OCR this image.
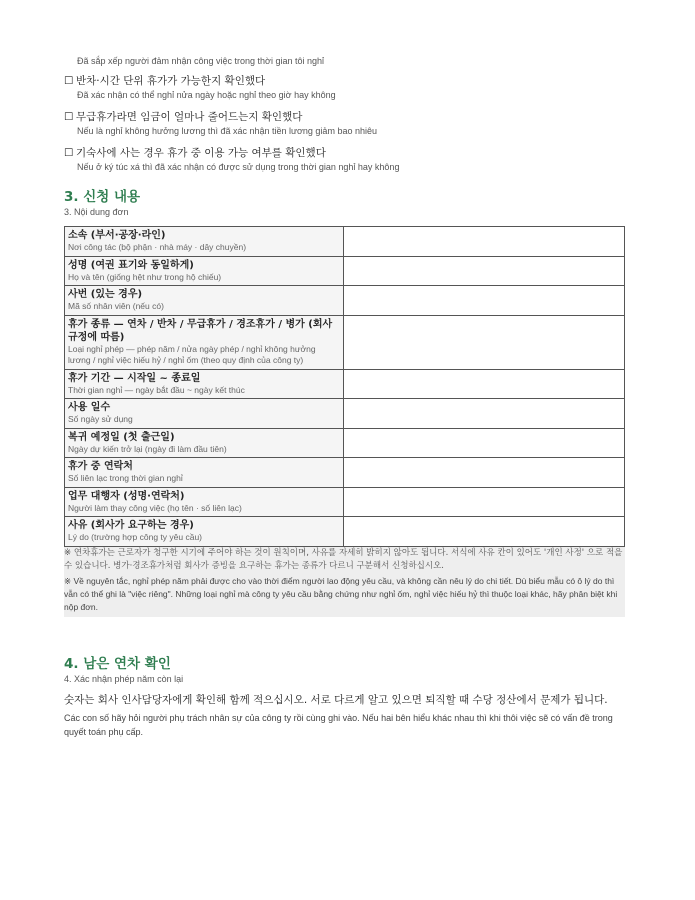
Đã sắp xếp người đảm nhận công việc trong thời gian tôi nghỉ
☐ 반차·시간 단위 휴가가 가능한지 확인했다
Đã xác nhận có thể nghỉ nửa ngày hoặc nghỉ theo giờ hay không
☐ 무급휴가라면 임금이 얼마나 줄어드는지 확인했다
Nếu là nghỉ không hưởng lương thì đã xác nhận tiền lương giảm bao nhiêu
☐ 기숙사에 사는 경우 휴가 중 이용 가능 여부를 확인했다
Nếu ở ký túc xá thì đã xác nhận có được sử dụng trong thời gian nghỉ hay không
3. 신청 내용
3. Nội dung đơn
소속 (부서·공장·라인)
Nơi công tác (bộ phận · nhà máy · dây chuyền)	

성명 (여권 표기와 동일하게)
Họ và tên (giống hệt như trong hộ chiếu)	

사번 (있는 경우)
Mã số nhân viên (nếu có)	

휴가 종류 — 연차 / 반차 / 무급휴가 / 경조휴가 / 병가 (회사 규정에 따름)
Loại nghỉ phép — phép năm / nửa ngày phép / nghỉ không hưởng lương / nghỉ việc hiếu hỷ / nghỉ ốm (theo quy định của công ty)	

휴가 기간 — 시작일 ~ 종료일
Thời gian nghỉ — ngày bắt đầu ~ ngày kết thúc	

사용 일수
Số ngày sử dụng	

복귀 예정일 (첫 출근일)
Ngày dự kiến trở lại (ngày đi làm đầu tiên)	

휴가 중 연락처
Số liên lạc trong thời gian nghỉ	

업무 대행자 (성명·연락처)
Người làm thay công việc (họ tên · số liên lạc)	

사유 (회사가 요구하는 경우)
Lý do (trường hợp công ty yêu cầu)	

※ 연차휴가는 근로자가 청구한 시기에 주어야 하는 것이 원칙이며, 사유를 자세히 밝히지 않아도 됩니다. 서식에 사유 칸이 있어도 '개인 사정' 으로 적을 수 있습니다. 병가·경조휴가처럼 회사가 증빙을 요구하는 휴가는 종류가 다르니 구분해서 신청하십시오.
※ Về nguyên tắc, nghỉ phép năm phải được cho vào thời điểm người lao động yêu cầu, và không cần nêu lý do chi tiết. Dù biểu mẫu có ô lý do thì vẫn có thể ghi là "việc riêng". Những loại nghỉ mà công ty yêu cầu bằng chứng như nghỉ ốm, nghỉ việc hiếu hỷ thì thuộc loại khác, hãy phân biệt khi nộp đơn.
4. 남은 연차 확인
4. Xác nhận phép năm còn lại
숫자는 회사 인사담당자에게 확인해 함께 적으십시오. 서로 다르게 알고 있으면 퇴직할 때 수당 정산에서 문제가 됩니다.
Các con số hãy hỏi người phụ trách nhân sự của công ty rồi cùng ghi vào. Nếu hai bên hiểu khác nhau thì khi thôi việc sẽ có vấn đề trong quyết toán phụ cấp.
